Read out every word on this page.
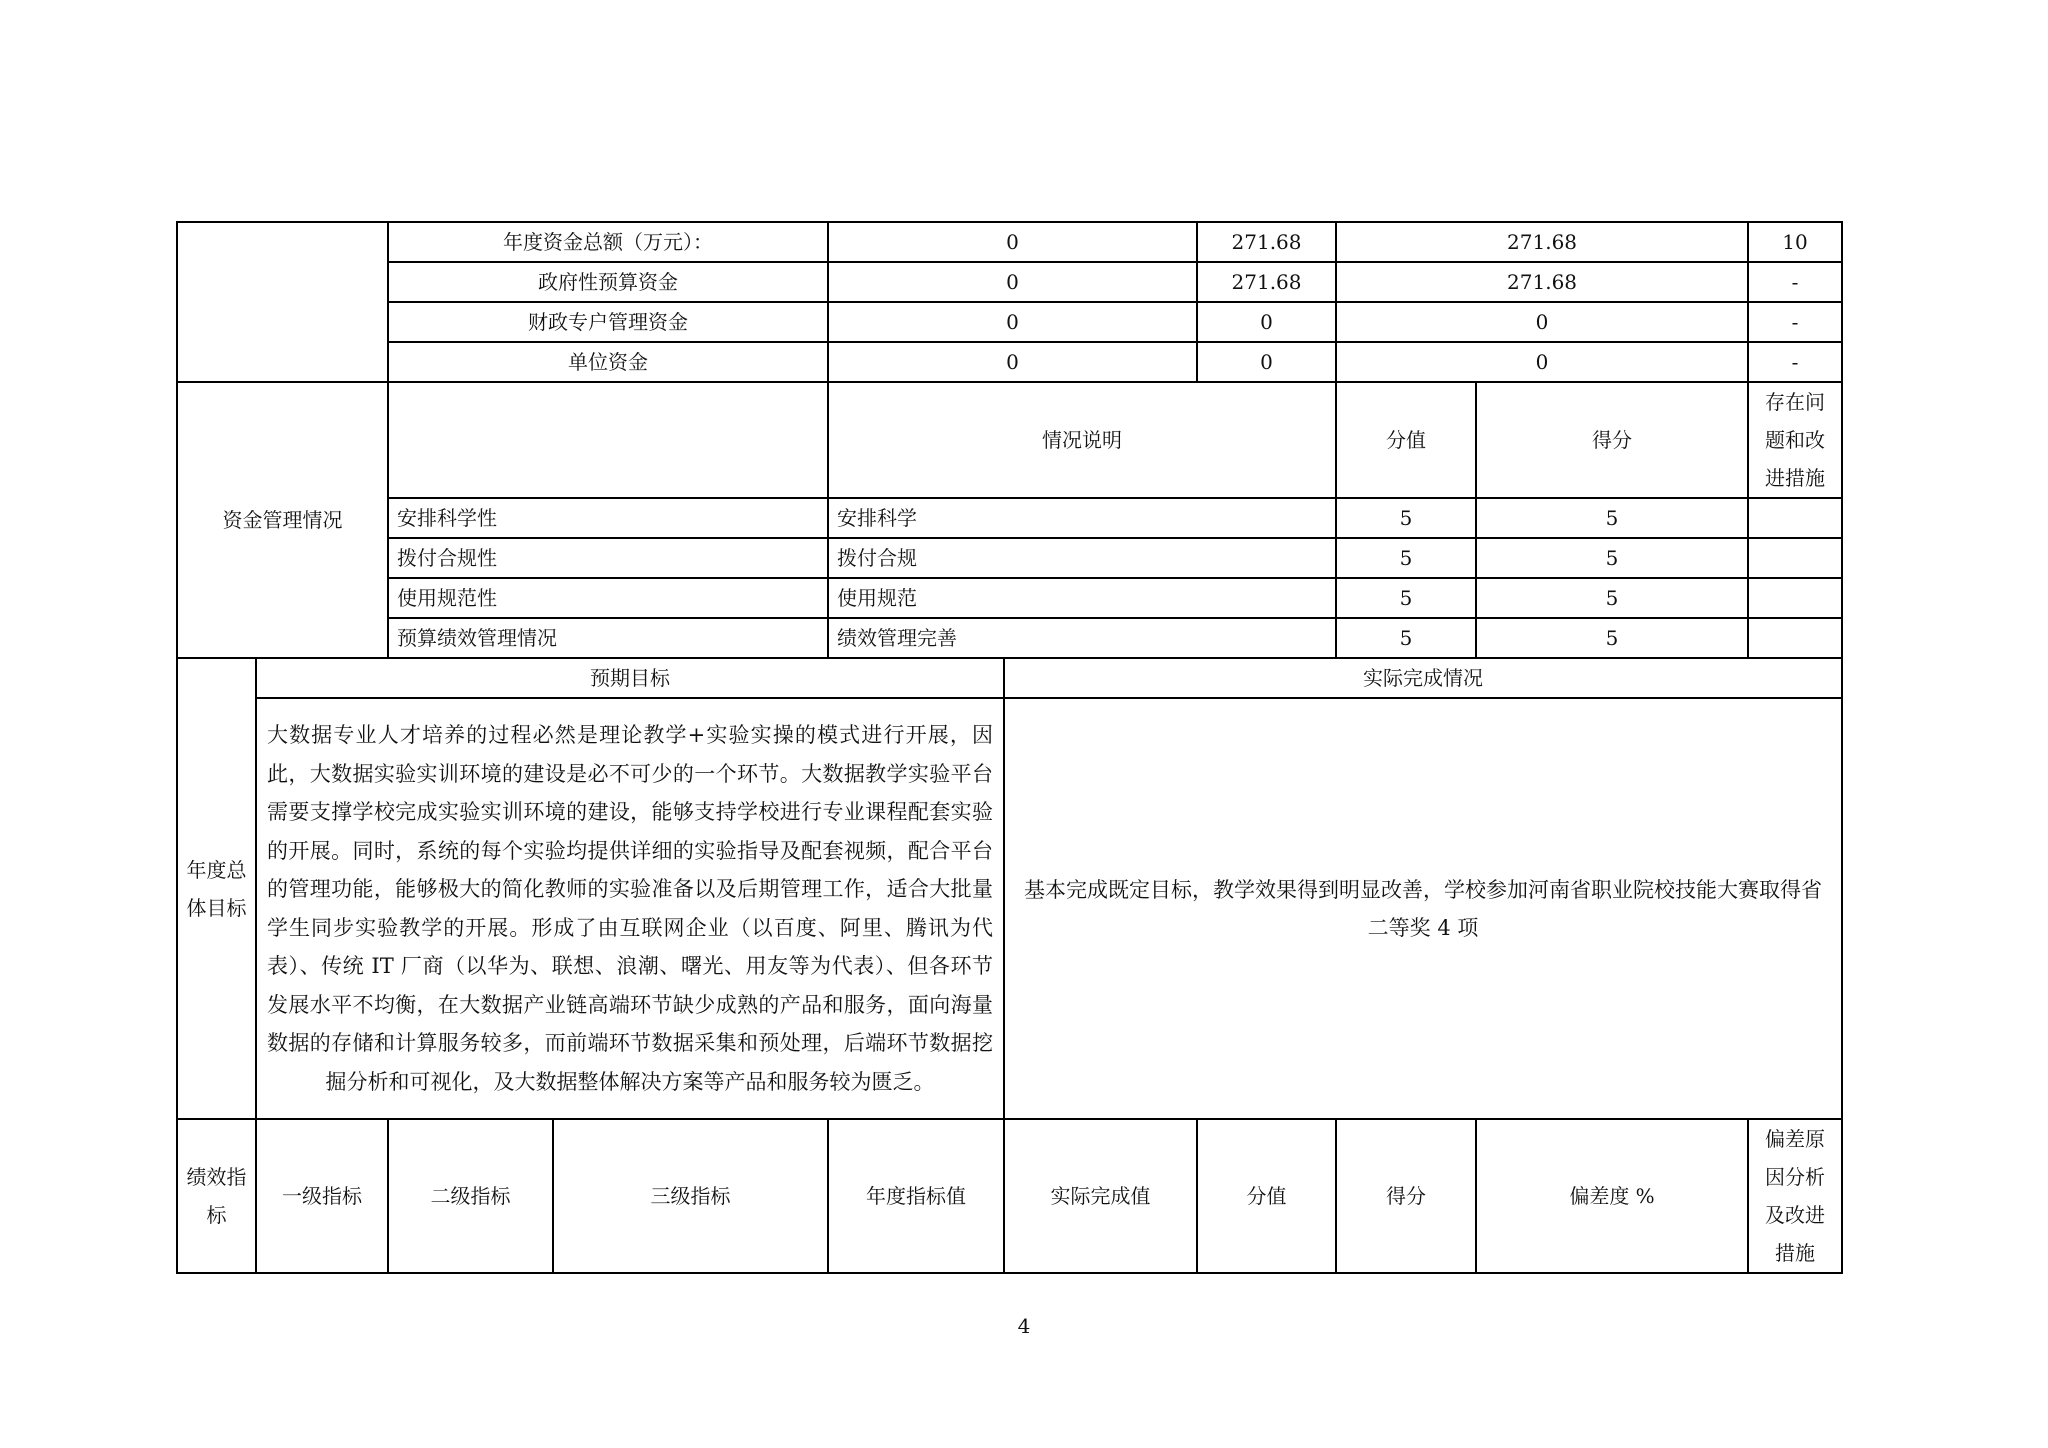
		年度资金总额（万元）：		0		271.68	271.68		10		
		政府性预算资金		0		271.68	271.68		-		
		财政专户管理资金		0		0	0		-		
		单位资金		0		0	0		-		
资金管理情况				情况说明			分值	得分	存在问题和改进措施	
		安排科学性		安排科学			5	5		
		拨付合规性		拨付合规			5	5		
		使用规范性		使用规范			5	5		
		预算绩效管理情况		绩效管理完善			5	5		
年度总体目标	预期目标				实际完成情况					
	大数据专业人才培养的过程必然是理论教学+实验实操的模式进行开展，因此，大数据实验实训环境的建设是必不可少的一个环节。大数据教学实验平台需要支撑学校完成实验实训环境的建设，能够支持学校进行专业课程配套实验的开展。同时，系统的每个实验均提供详细的实验指导及配套视频，配合平台的管理功能，能够极大的简化教师的实验准备以及后期管理工作，适合大批量学生同步实验教学的开展。形成了由互联网企业（以百度、阿里、腾讯为代表）、传统 IT 厂商（以华为、联想、浪潮、曙光、用友等为代表）、但各环节发展水平不均衡，在大数据产业链高端环节缺少成熟的产品和服务，面向海量数据的存储和计算服务较多，而前端环节数据采集和预处理，后端环节数据挖掘分析和可视化，及大数据整体解决方案等产品和服务较为匮乏。				基本完成既定目标，教学效果得到明显改善，学校参加河南省职业院校技能大赛取得省二等奖 4 项					
绩效指标	一级指标	二级指标	三级指标	年度指标值	实际完成值	分值	得分	偏差度 %	偏差原因分析及改进措施	
4
